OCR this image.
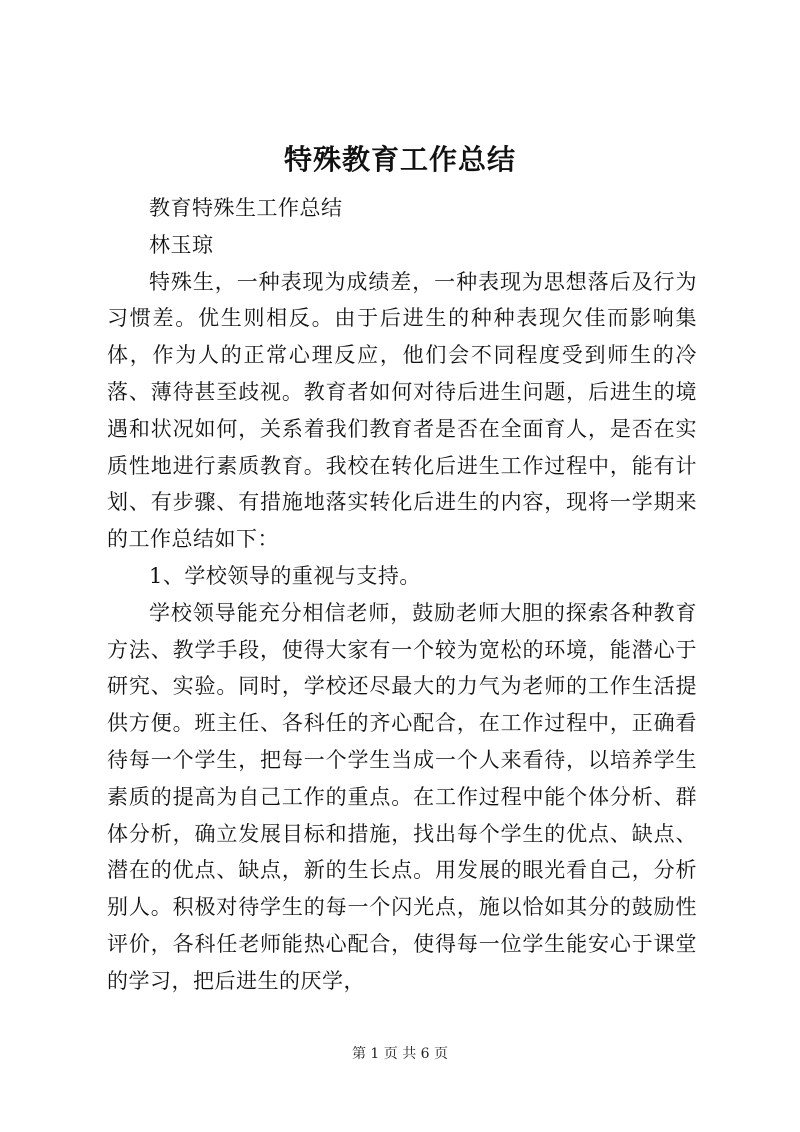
特殊教育工作总结

教育特殊生工作总结

林玉琼

特殊生，一种表现为成绩差，一种表现为思想落后及行为习惯差。优生则相反。由于后进生的种种表现欠佳而影响集体，作为人的正常心理反应，他们会不同程度受到师生的冷落、薄待甚至歧视。教育者如何对待后进生问题，后进生的境遇和状况如何，关系着我们教育者是否在全面育人，是否在实质性地进行素质教育。我校在转化后进生工作过程中，能有计划、有步骤、有措施地落实转化后进生的内容，现将一学期来的工作总结如下：

1、学校领导的重视与支持。

学校领导能充分相信老师，鼓励老师大胆的探索各种教育方法、教学手段，使得大家有一个较为宽松的环境，能潜心于研究、实验。同时，学校还尽最大的力气为老师的工作生活提供方便。班主任、各科任的齐心配合，在工作过程中，正确看待每一个学生，把每一个学生当成一个人来看待，以培养学生素质的提高为自己工作的重点。在工作过程中能个体分析、群体分析，确立发展目标和措施，找出每个学生的优点、缺点、潜在的优点、缺点，新的生长点。用发展的眼光看自己，分析别人。积极对待学生的每一个闪光点，施以恰如其分的鼓励性评价，各科任老师能热心配合，使得每一位学生能安心于课堂的学习，把后进生的厌学，

第 1 页 共 6 页
